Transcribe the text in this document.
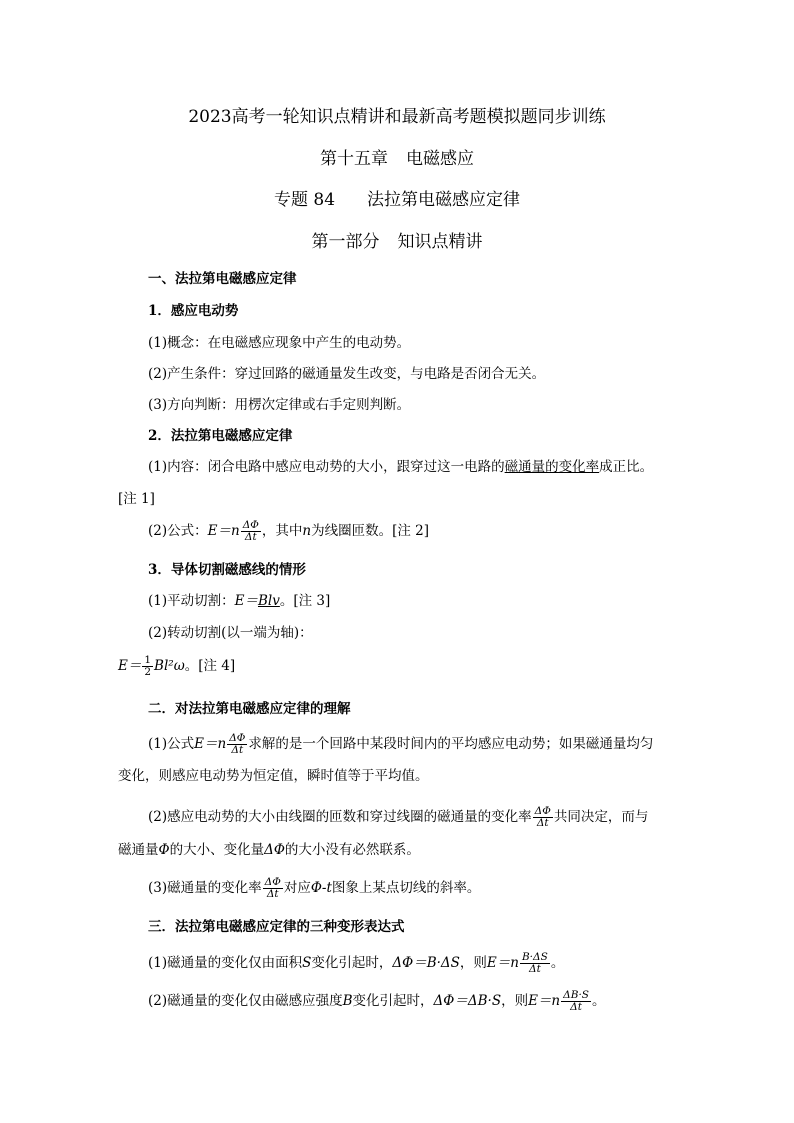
2023高考一轮知识点精讲和最新高考题模拟题同步训练
第十五章 电磁感应
专题 84 法拉第电磁感应定律
第一部分 知识点精讲
一、法拉第电磁感应定律
1．感应电动势
(1)概念：在电磁感应现象中产生的电动势。
(2)产生条件：穿过回路的磁通量发生改变，与电路是否闭合无关。
(3)方向判断：用楞次定律或右手定则判断。
2．法拉第电磁感应定律
(1)内容：闭合电路中感应电动势的大小，跟穿过这一电路的磁通量的变化率成正比。
[注 1]
(2)公式：$E=n \frac{\Delta\Phi}{\Delta t}$ ，其中n为线圈匝数。[注 2]
3．导体切割磁感线的情形
(1)平动切割：E＝Blv。[注 3]
(2)转动切割(以一端为轴)：
$E= \frac{1}{2} Bl^2\omega$。[注 4]
二．对法拉第电磁感应定律的理解
(1)公式$E=n \frac{\Delta\Phi}{\Delta t}$ 求解的是一个回路中某段时间内的平均感应电动势；如果磁通量均匀
变化，则感应电动势为恒定值，瞬时值等于平均值。
(2)感应电动势的大小由线圈的匝数和穿过线圈的磁通量的变化率 $\frac{\Delta\Phi}{\Delta t}$ 共同决定，而与
磁通量Φ的大小、变化量ΔΦ的大小没有必然联系。
(3)磁通量的变化率 $\frac{\Delta\Phi}{\Delta t}$ 对应Φ-t图象上某点切线的斜率。
三．法拉第电磁感应定律的三种变形表达式
(1)磁通量的变化仅由面积S变化引起时，ΔΦ＝B·ΔS，则$E=n \frac{B\cdot\Delta S}{\Delta t}$ 。
(2)磁通量的变化仅由磁感应强度B变化引起时，ΔΦ＝ΔB·S，则$E=n \frac{\Delta B\cdot S}{\Delta t}$ 。
